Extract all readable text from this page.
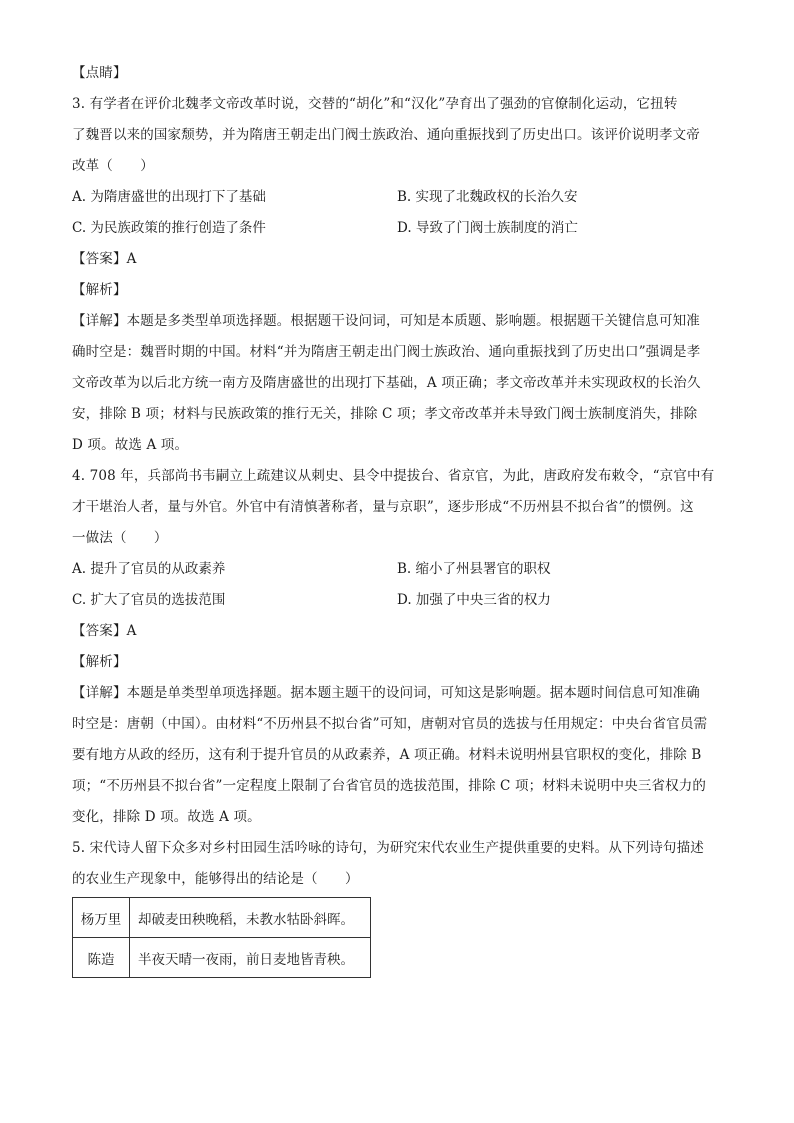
【点睛】
3. 有学者在评价北魏孝文帝改革时说，交替的“胡化”和“汉化”孕育出了强劲的官僚制化运动，它扭转
了魏晋以来的国家颓势，并为隋唐王朝走出门阀士族政治、通向重振找到了历史出口。该评价说明孝文帝
改革（　　）
A. 为隋唐盛世的出现打下了基础	B. 实现了北魏政权的长治久安
C. 为民族政策的推行创造了条件	D. 导致了门阀士族制度的消亡
【答案】A
【解析】
【详解】本题是多类型单项选择题。根据题干设问词，可知是本质题、影响题。根据题干关键信息可知准
确时空是：魏晋时期的中国。材料“并为隋唐王朝走出门阀士族政治、通向重振找到了历史出口”强调是孝
文帝改革为以后北方统一南方及隋唐盛世的出现打下基础，A 项正确；孝文帝改革并未实现政权的长治久
安，排除 B 项；材料与民族政策的推行无关，排除 C 项；孝文帝改革并未导致门阀士族制度消失，排除
D 项。故选 A 项。
4. 708 年，兵部尚书韦嗣立上疏建议从刺史、县令中提拔台、省京官，为此，唐政府发布敕令，“京官中有
才干堪治人者，量与外官。外官中有清慎著称者，量与京职”，逐步形成“不历州县不拟台省”的惯例。这
一做法（　　）
A. 提升了官员的从政素养	B. 缩小了州县署官的职权
C. 扩大了官员的选拔范围	D. 加强了中央三省的权力
【答案】A
【解析】
【详解】本题是单类型单项选择题。据本题主题干的设问词，可知这是影响题。据本题时间信息可知准确
时空是：唐朝（中国）。由材料“不历州县不拟台省”可知，唐朝对官员的选拔与任用规定：中央台省官员需
要有地方从政的经历，这有利于提升官员的从政素养，A 项正确。材料未说明州县官职权的变化，排除 B
项；“不历州县不拟台省”一定程度上限制了台省官员的选拔范围，排除 C 项；材料未说明中央三省权力的
变化，排除 D 项。故选 A 项。
5. 宋代诗人留下众多对乡村田园生活吟咏的诗句，为研究宋代农业生产提供重要的史料。从下列诗句描述
的农业生产现象中，能够得出的结论是（　　）
杨万里	却破麦田秧晚稻，未教水牯卧斜晖。
陈造	半夜天晴一夜雨，前日麦地皆青秧。
